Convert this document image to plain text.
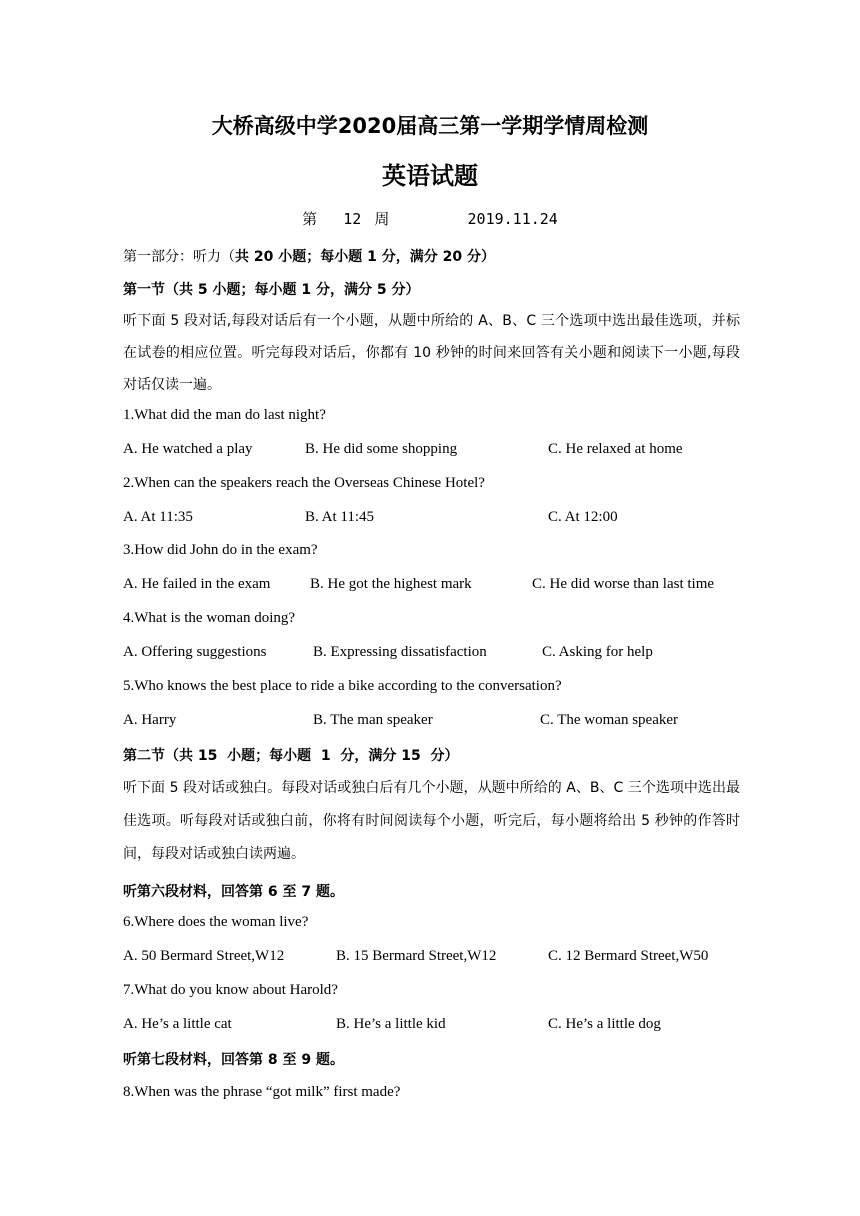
大桥高级中学2020届高三第一学期学情周检测
英语试题
第  12 周      2019.11.24
第一部分：听力（共 20 小题；每小题 1 分，满分 20 分）
第一节（共 5 小题；每小题 1 分，满分 5 分）
听下面 5 段对话,每段对话后有一个小题，从题中所给的 A、B、C 三个选项中选出最佳选项，并标在试卷的相应位置。听完每段对话后，你都有 10 秒钟的时间来回答有关小题和阅读下一小题,每段对话仅读一遍。
1.What did the man do last night?
A. He watched a play	B. He did some shopping	C. He relaxed at home
2.When can the speakers reach the Overseas Chinese Hotel?
A. At 11:35	B. At 11:45	C. At 12:00
3.How did John do in the exam?
A. He failed in the exam	B. He got the highest mark	C. He did worse than last time
4.What is the woman doing?
A. Offering suggestions	B. Expressing dissatisfaction	C. Asking for help
5.Who knows the best place to ride a bike according to the conversation?
A. Harry	B. The man speaker	C. The woman speaker
第二节（共 15  小题；每小题  1  分，满分 15  分）
听下面 5 段对话或独白。每段对话或独白后有几个小题，从题中所给的 A、B、C 三个选项中选出最佳选项。听每段对话或独白前，你将有时间阅读每个小题，听完后，每小题将给出 5 秒钟的作答时间，每段对话或独白读两遍。
听第六段材料，回答第 6 至 7 题。
6.Where does the woman live?
A. 50 Bermard Street,W12	B. 15 Bermard Street,W12	C. 12 Bermard Street,W50
7.What do you know about Harold?
A. He’s a little cat	B. He’s a little kid	C. He’s a little dog
听第七段材料，回答第 8 至 9 题。
8.When was the phrase “got milk” first made?
